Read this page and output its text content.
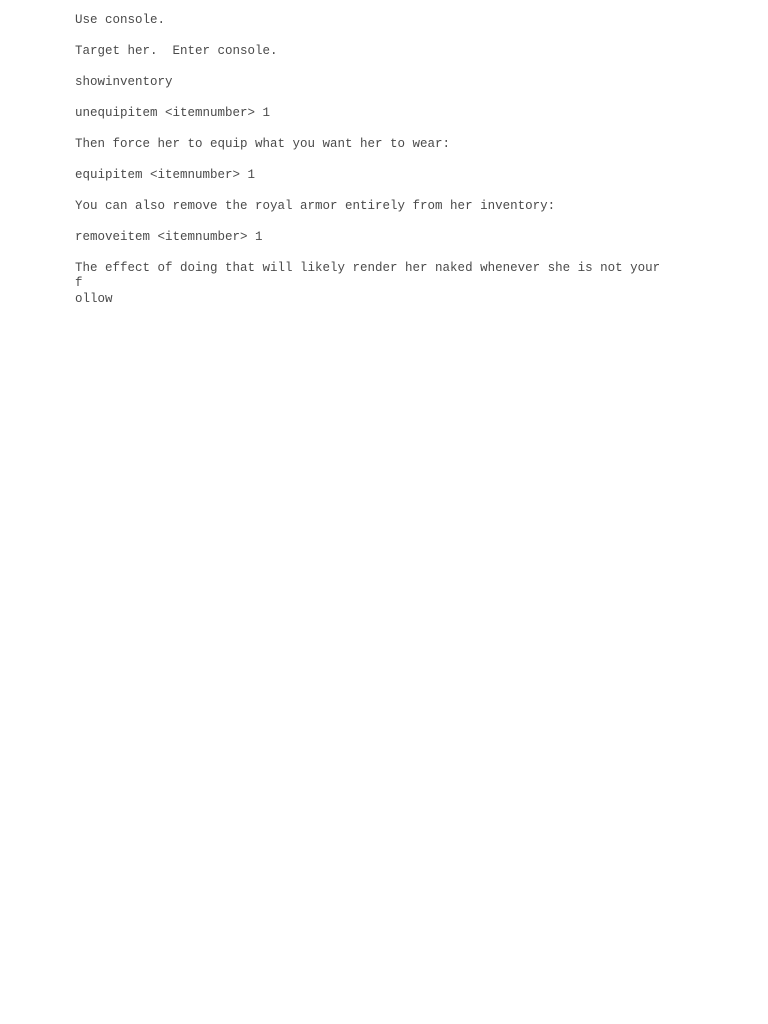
Use console.
Target her.  Enter console.
showinventory
unequipitem <itemnumber> 1
Then force her to equip what you want her to wear:
equipitem <itemnumber> 1
You can also remove the royal armor entirely from her inventory:
removeitem <itemnumber> 1
The effect of doing that will likely render her naked whenever she is not your f
ollow
